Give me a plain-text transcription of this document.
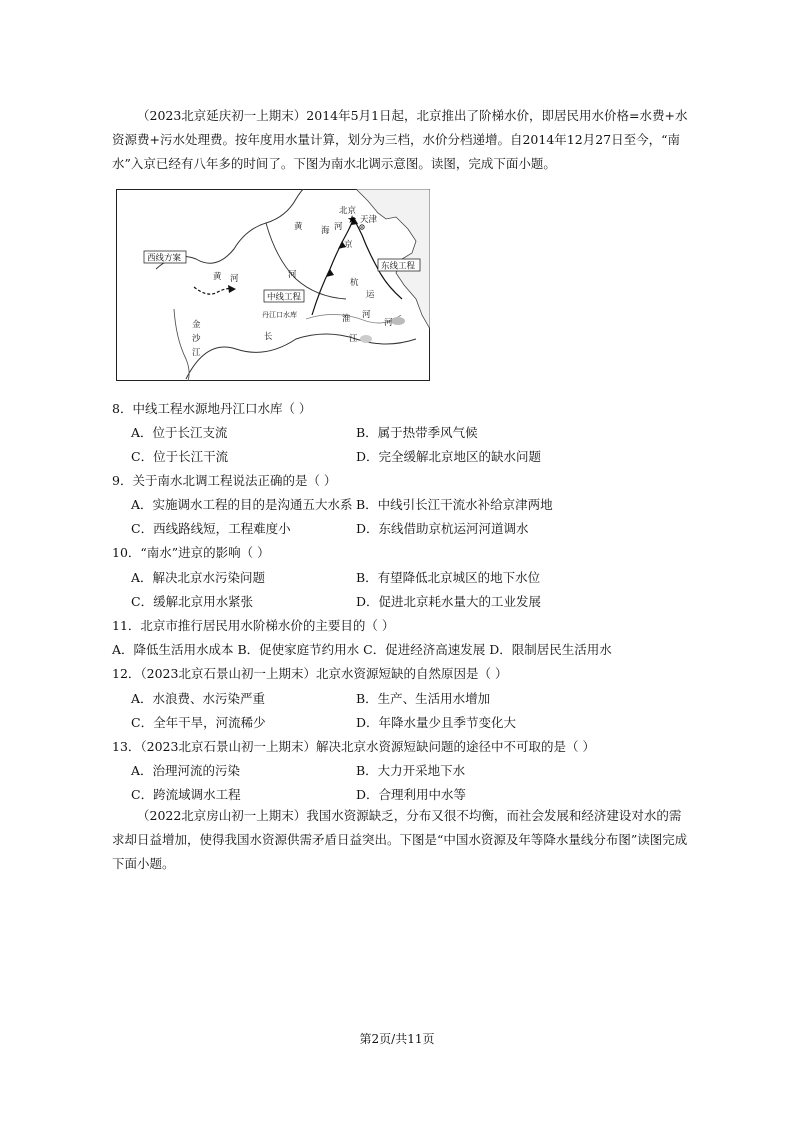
（2023北京延庆初一上期末）2014年5月1日起，北京推出了阶梯水价，即居民用水价格=水费+水资源费+污水处理费。按年度用水量计算，划分为三档，水价分档递增。自2014年12月27日至今，“南水”入京已经有八年多的时间了。下图为南水北调示意图。读图，完成下面小题。
★
北京
天津
海 河
京
杭
运
河
河
黄
黄 河	河
淮
长	江
金
沙
江
西线方案
中线工程
东线工程
丹江口水库
8．中线工程水源地丹江口水库（ ）
A．位于长江支流	B．属于热带季风气候
C．位于长江干流	D．完全缓解北京地区的缺水问题
9．关于南水北调工程说法正确的是（ ）
A．实施调水工程的目的是沟通五大水系 B．中线引长江干流水补给京津两地
C．西线路线短，工程难度小	D．东线借助京杭运河河道调水
10．“南水”进京的影响（ ）
A．解决北京水污染问题	B．有望降低北京城区的地下水位
C．缓解北京用水紧张	D．促进北京耗水量大的工业发展
11．北京市推行居民用水阶梯水价的主要目的（ ）
A．降低生活用水成本 B．促使家庭节约用水 C．促进经济高速发展 D．限制居民生活用水
12．（2023北京石景山初一上期末）北京水资源短缺的自然原因是（ ）
A．水浪费、水污染严重	B．生产、生活用水增加
C．全年干旱，河流稀少	D．年降水量少且季节变化大
13．（2023北京石景山初一上期末）解决北京水资源短缺问题的途径中不可取的是（ ）
A．治理河流的污染	B．大力开采地下水
C．跨流域调水工程	D．合理利用中水等
（2022北京房山初一上期末）我国水资源缺乏，分布又很不均衡，而社会发展和经济建设对水的需求却日益增加，使得我国水资源供需矛盾日益突出。下图是“中国水资源及年等降水量线分布图”读图完成下面小题。
第2页/共11页
